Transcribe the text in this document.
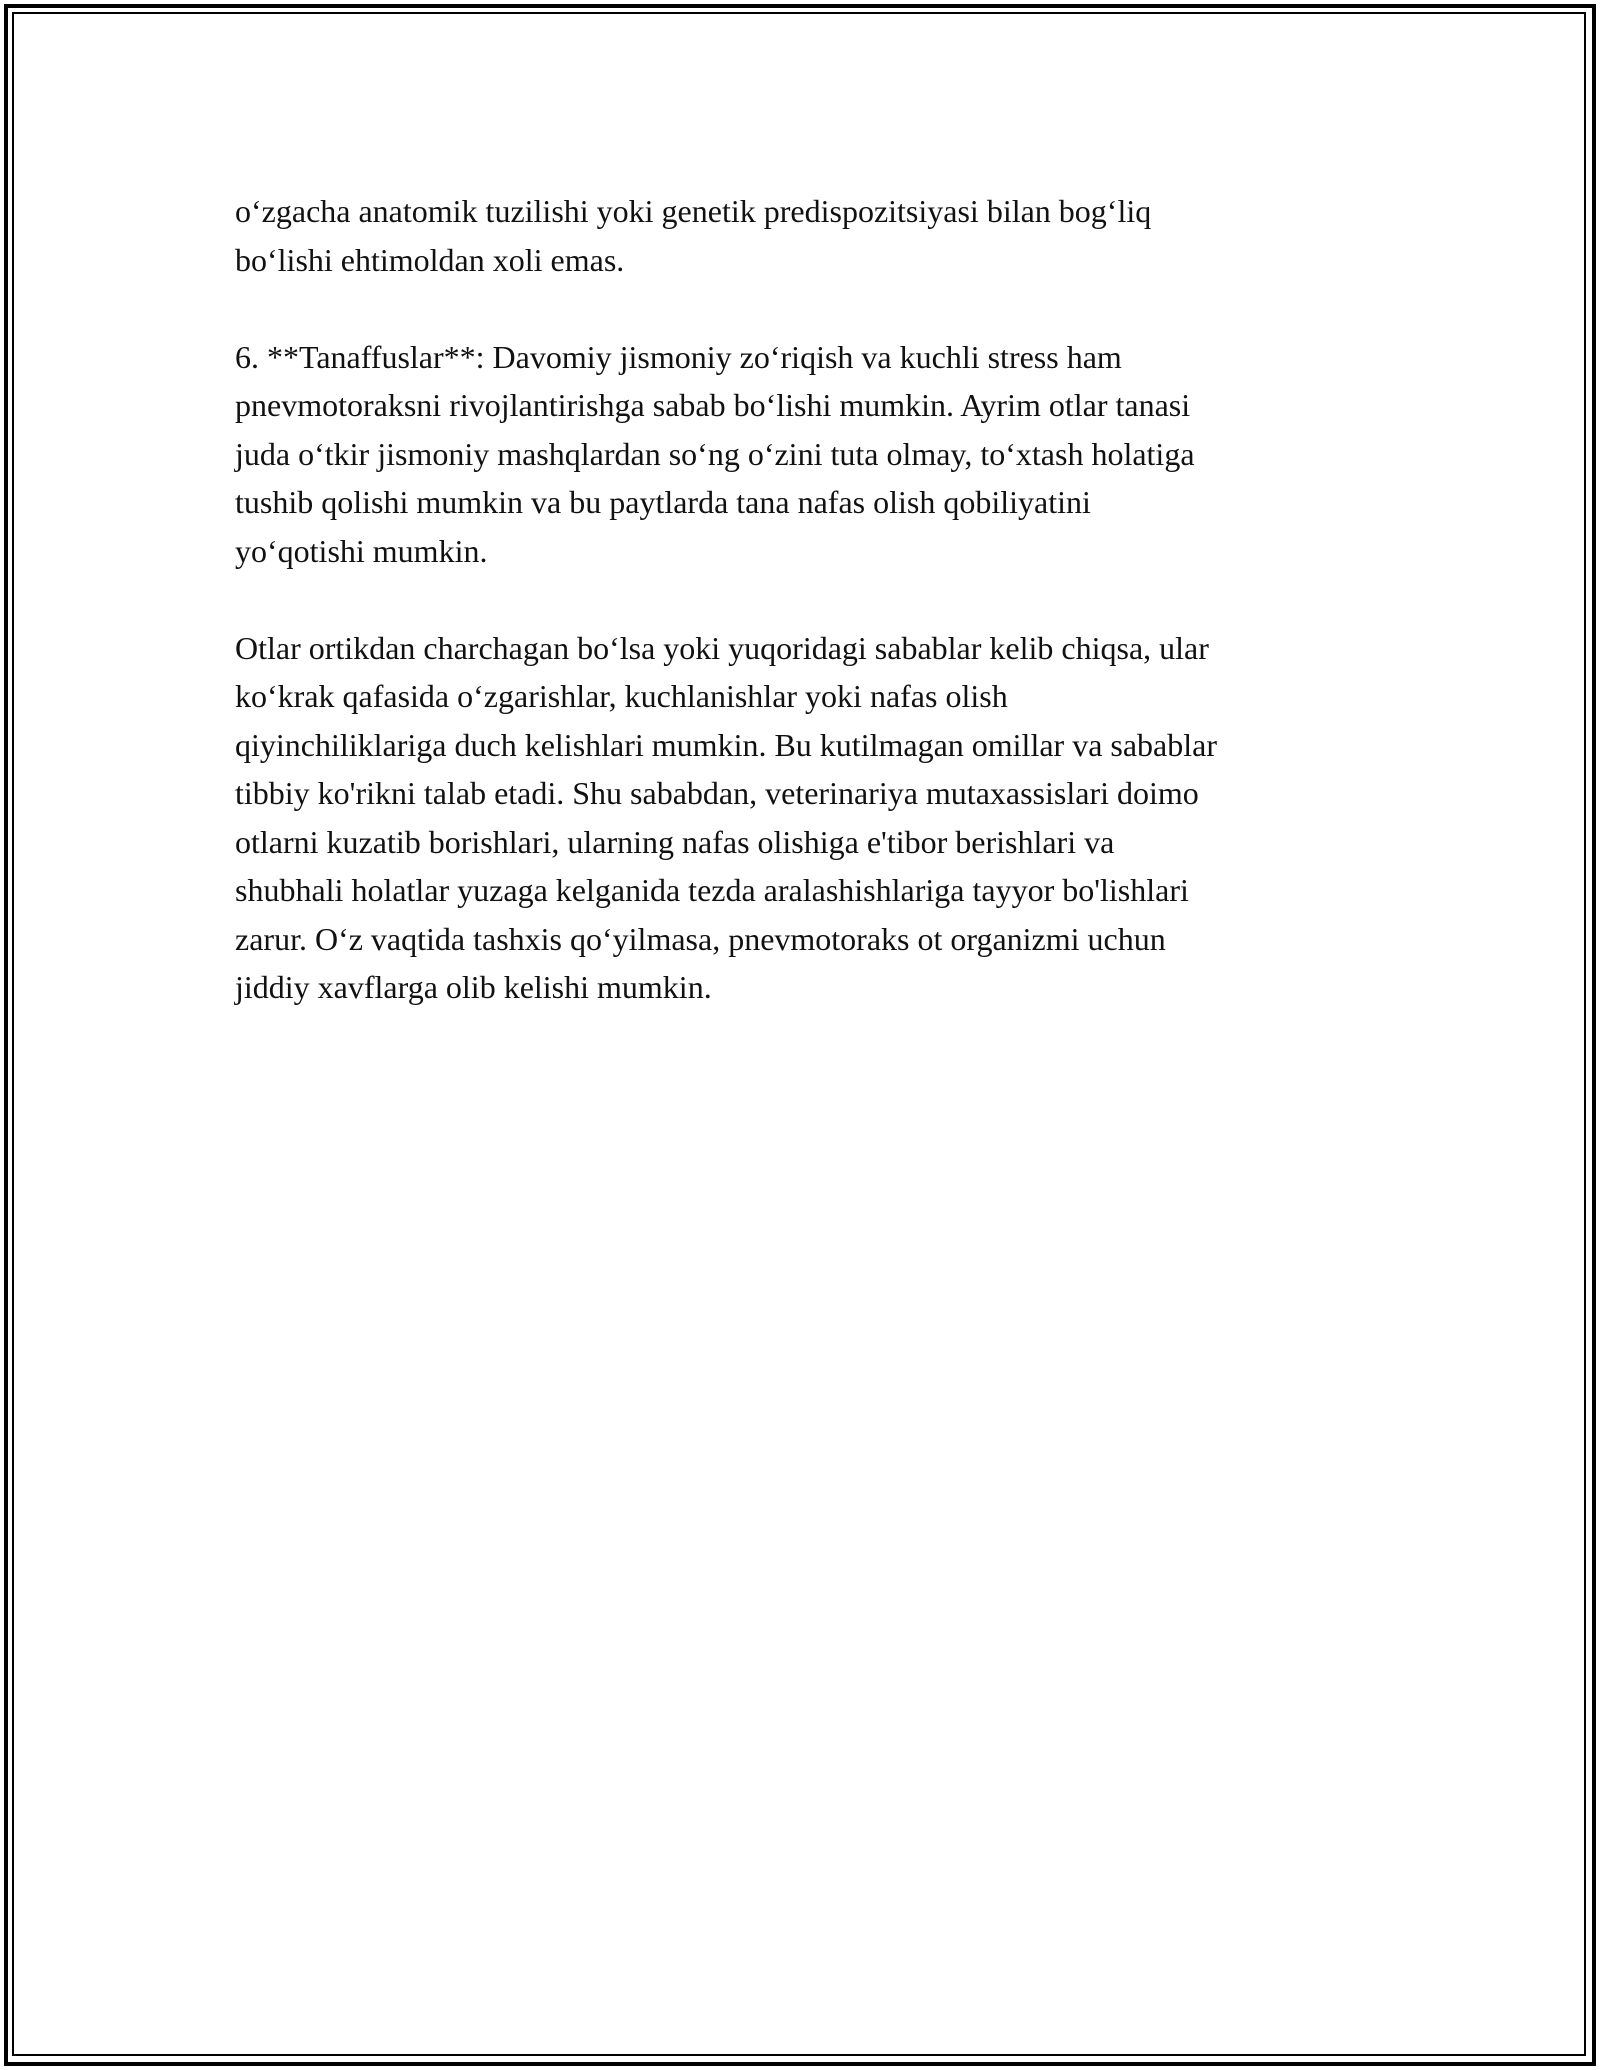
o‘zgacha anatomik tuzilishi yoki genetik predispozitsiyasi bilan bog‘liq
bo‘lishi ehtimoldan xoli emas.

6. **Tanaffuslar**: Davomiy jismoniy zo‘riqish va kuchli stress ham
pnevmotoraksni rivojlantirishga sabab bo‘lishi mumkin. Ayrim otlar tanasi
juda o‘tkir jismoniy mashqlardan so‘ng o‘zini tuta olmay, to‘xtash holatiga
tushib qolishi mumkin va bu paytlarda tana nafas olish qobiliyatini
yo‘qotishi mumkin.

Otlar ortikdan charchagan bo‘lsa yoki yuqoridagi sabablar kelib chiqsa, ular
ko‘krak qafasida o‘zgarishlar, kuchlanishlar yoki nafas olish
qiyinchiliklariga duch kelishlari mumkin. Bu kutilmagan omillar va sabablar
tibbiy ko'rikni talab etadi. Shu sababdan, veterinariya mutaxassislari doimo
otlarni kuzatib borishlari, ularning nafas olishiga e'tibor berishlari va
shubhali holatlar yuzaga kelganida tezda aralashishlariga tayyor bo'lishlari
zarur. O‘z vaqtida tashxis qo‘yilmasa, pnevmotoraks ot organizmi uchun
jiddiy xavflarga olib kelishi mumkin.
